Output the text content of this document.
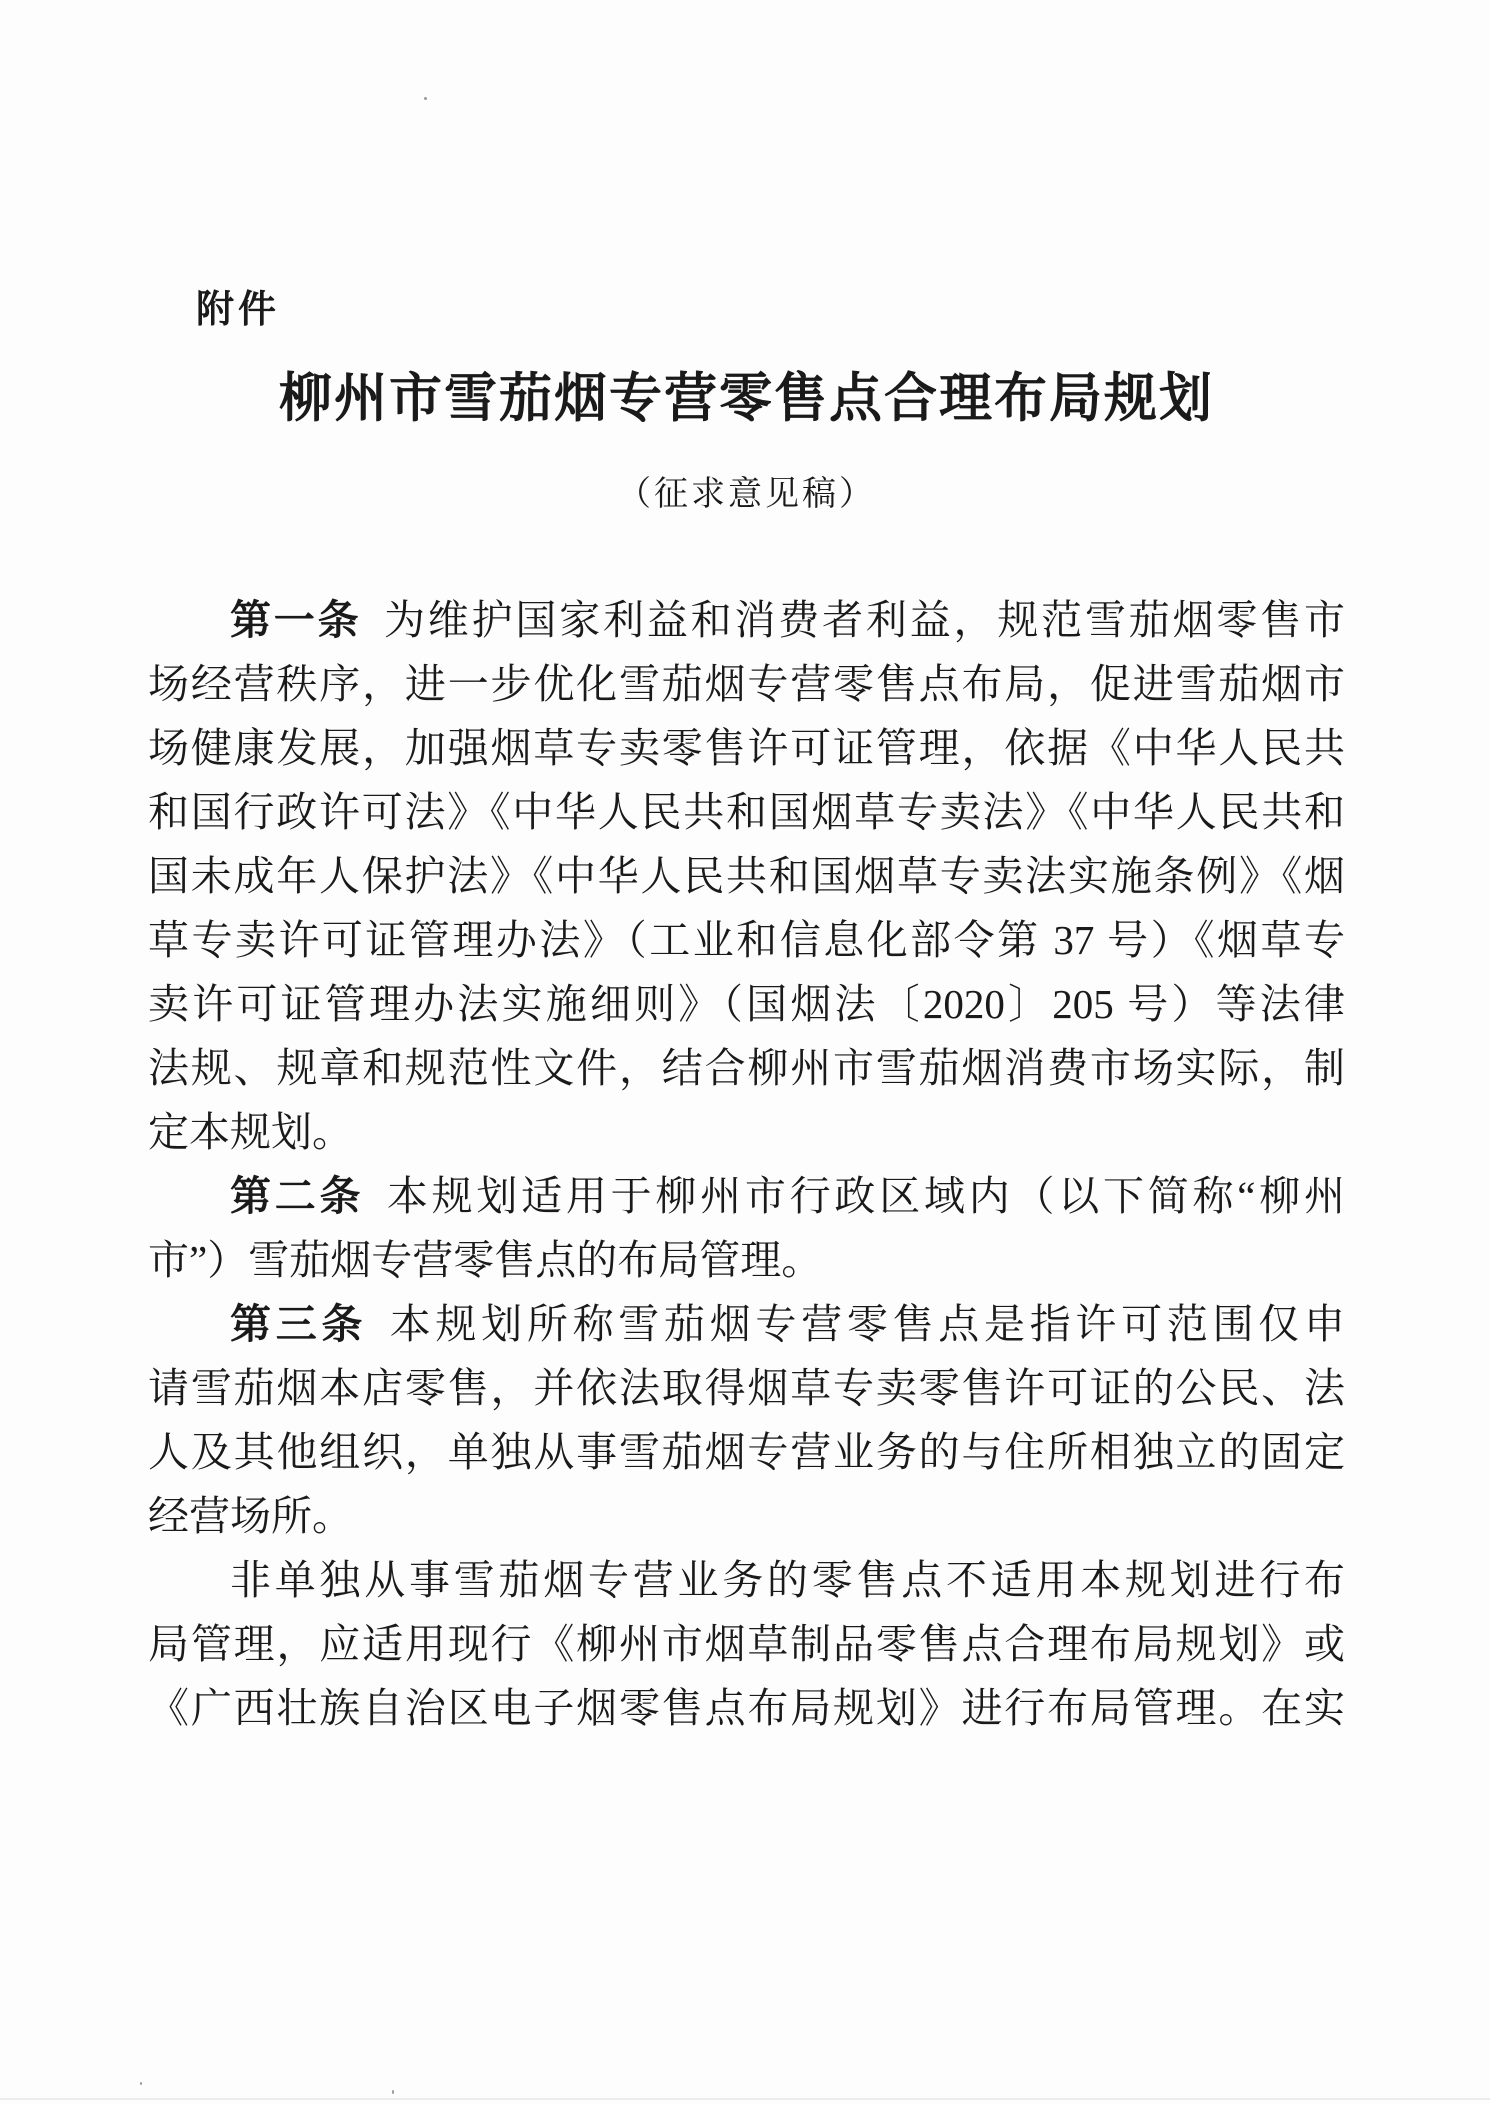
附件
柳州市雪茄烟专营零售点合理布局规划
（征求意见稿）
第一条 为维护国家利益和消费者利益，规范雪茄烟零售市
场经营秩序，进一步优化雪茄烟专营零售点布局，促进雪茄烟市
场健康发展，加强烟草专卖零售许可证管理，依据《中华人民共
和国行政许可法》《中华人民共和国烟草专卖法》《中华人民共和
国未成年人保护法》《中华人民共和国烟草专卖法实施条例》《烟
草专卖许可证管理办法》（工业和信息化部令第 37 号）《烟草专
卖许可证管理办法实施细则》（国烟法〔2020〕205 号）等法律
法规、规章和规范性文件，结合柳州市雪茄烟消费市场实际，制
定本规划。
第二条 本规划适用于柳州市行政区域内（以下简称“柳州
市”）雪茄烟专营零售点的布局管理。
第三条 本规划所称雪茄烟专营零售点是指许可范围仅申
请雪茄烟本店零售，并依法取得烟草专卖零售许可证的公民、法
人及其他组织，单独从事雪茄烟专营业务的与住所相独立的固定
经营场所。
非单独从事雪茄烟专营业务的零售点不适用本规划进行布
局管理，应适用现行《柳州市烟草制品零售点合理布局规划》或
《广西壮族自治区电子烟零售点布局规划》进行布局管理。在实
